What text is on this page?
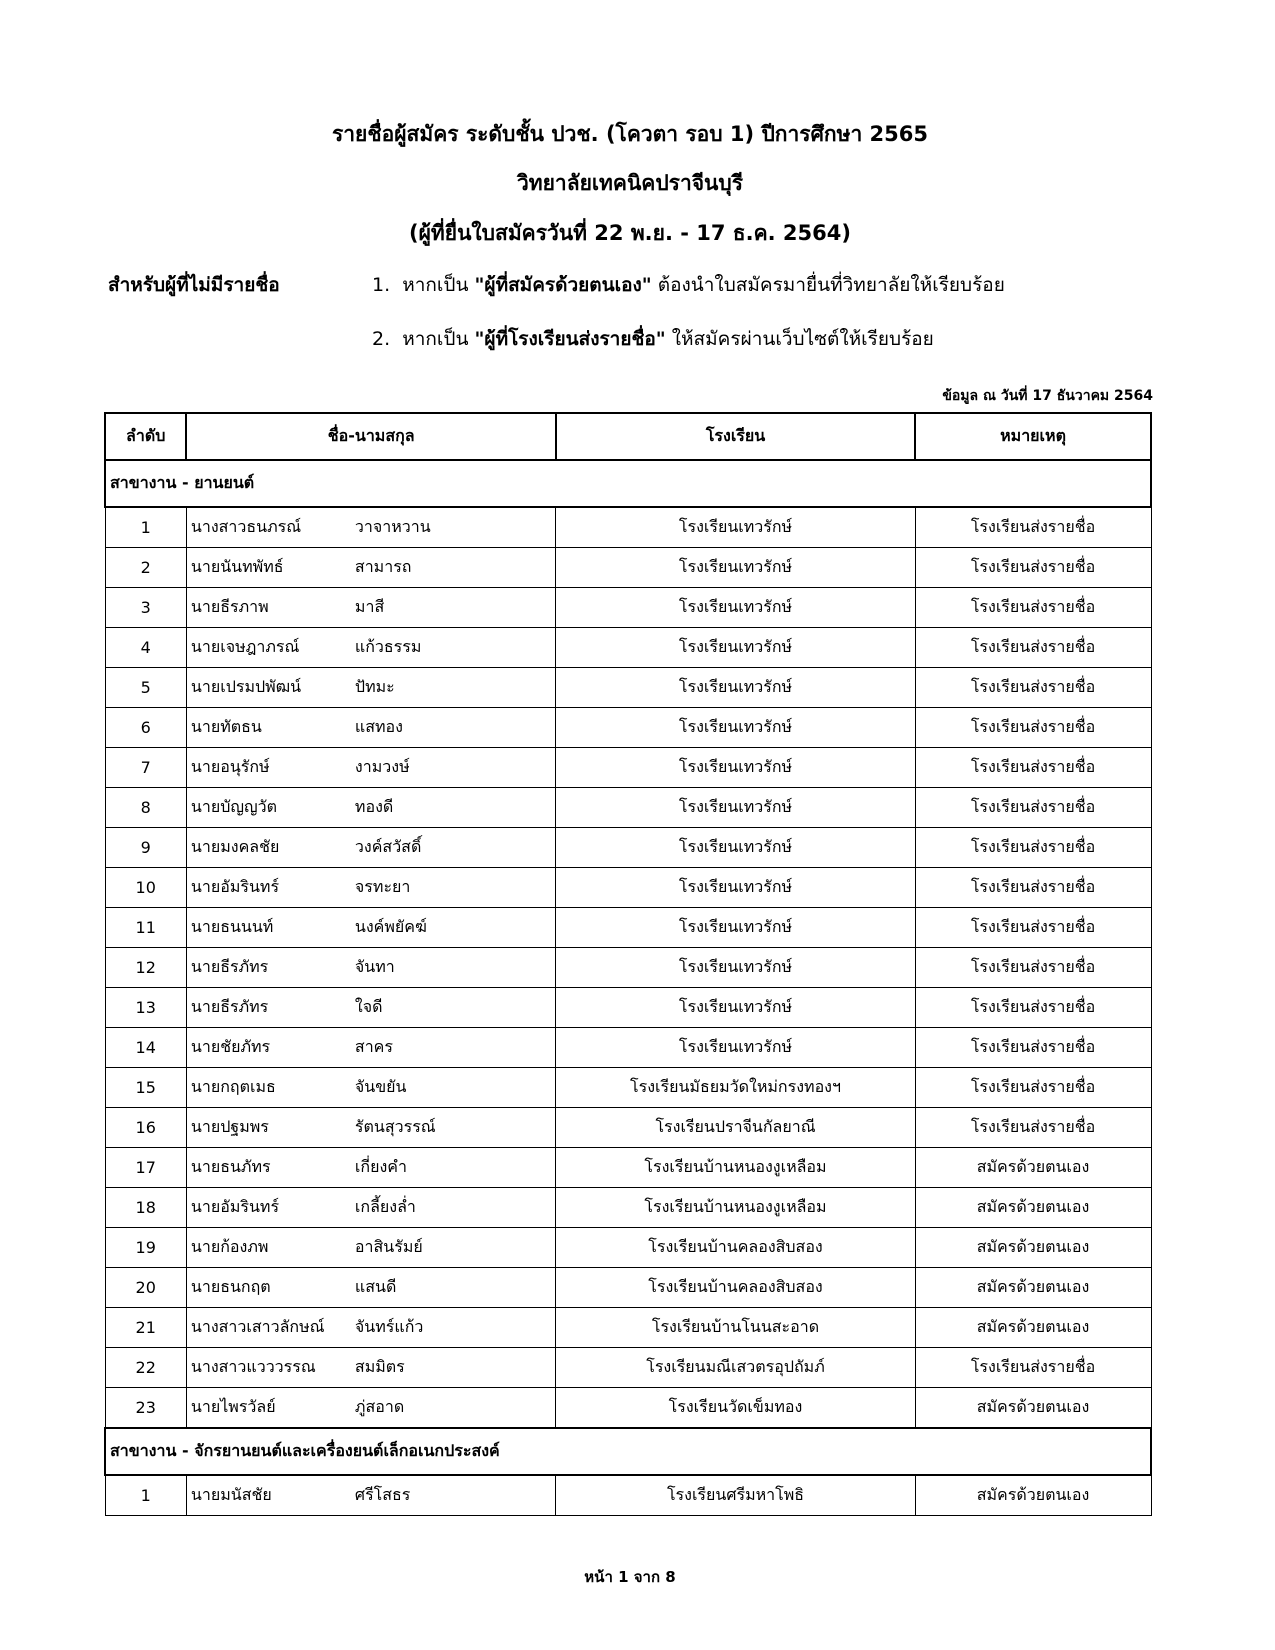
รายชื่อผู้สมัคร ระดับชั้น ปวช. (โควตา รอบ 1) ปีการศึกษา 2565
วิทยาลัยเทคนิคปราจีนบุรี
(ผู้ที่ยื่นใบสมัครวันที่ 22 พ.ย. - 17 ธ.ค. 2564)
สำหรับผู้ที่ไม่มีรายชื่อ	1. หากเป็น "ผู้ที่สมัครด้วยตนเอง" ต้องนำใบสมัครมายื่นที่วิทยาลัยให้เรียบร้อย
2. หากเป็น "ผู้ที่โรงเรียนส่งรายชื่อ" ให้สมัครผ่านเว็บไซต์ให้เรียบร้อย
ข้อมูล ณ วันที่ 17 ธันวาคม 2564
ลำดับ	ชื่อ-นามสกุล	โรงเรียน	หมายเหตุ
สาขางาน - ยานยนต์			
1	นางสาวธนภรณ์ วาจาหวาน	โรงเรียนเทวรักษ์	โรงเรียนส่งรายชื่อ
2	นายนันทพัทธ์ สามารถ	โรงเรียนเทวรักษ์	โรงเรียนส่งรายชื่อ
3	นายธีรภาพ มาสี	โรงเรียนเทวรักษ์	โรงเรียนส่งรายชื่อ
4	นายเจษฎาภรณ์ แก้วธรรม	โรงเรียนเทวรักษ์	โรงเรียนส่งรายชื่อ
5	นายเปรมปพัฒน์ ปัทมะ	โรงเรียนเทวรักษ์	โรงเรียนส่งรายชื่อ
6	นายทัตธน แสทอง	โรงเรียนเทวรักษ์	โรงเรียนส่งรายชื่อ
7	นายอนุรักษ์ งามวงษ์	โรงเรียนเทวรักษ์	โรงเรียนส่งรายชื่อ
8	นายบัญญวัต ทองดี	โรงเรียนเทวรักษ์	โรงเรียนส่งรายชื่อ
9	นายมงคลชัย วงค์สวัสดิ์	โรงเรียนเทวรักษ์	โรงเรียนส่งรายชื่อ
10	นายอัมรินทร์ จรทะยา	โรงเรียนเทวรักษ์	โรงเรียนส่งรายชื่อ
11	นายธนนนท์ นงค์พยัคฆ์	โรงเรียนเทวรักษ์	โรงเรียนส่งรายชื่อ
12	นายธีรภัทร จันทา	โรงเรียนเทวรักษ์	โรงเรียนส่งรายชื่อ
13	นายธีรภัทร ใจดี	โรงเรียนเทวรักษ์	โรงเรียนส่งรายชื่อ
14	นายชัยภัทร สาคร	โรงเรียนเทวรักษ์	โรงเรียนส่งรายชื่อ
15	นายกฤตเมธ จันขยัน	โรงเรียนมัธยมวัดใหม่กรงทองฯ	โรงเรียนส่งรายชื่อ
16	นายปฐมพร รัตนสุวรรณ์	โรงเรียนปราจีนกัลยาณี	โรงเรียนส่งรายชื่อ
17	นายธนภัทร เกี่ยงคำ	โรงเรียนบ้านหนองงูเหลือม	สมัครด้วยตนเอง
18	นายอัมรินทร์ เกลี้ยงล่ำ	โรงเรียนบ้านหนองงูเหลือม	สมัครด้วยตนเอง
19	นายก้องภพ อาสินรัมย์	โรงเรียนบ้านคลองสิบสอง	สมัครด้วยตนเอง
20	นายธนกฤต แสนดี	โรงเรียนบ้านคลองสิบสอง	สมัครด้วยตนเอง
21	นางสาวเสาวลักษณ์ จันทร์แก้ว	โรงเรียนบ้านโนนสะอาด	สมัครด้วยตนเอง
22	นางสาวแวววรรณ สมมิตร	โรงเรียนมณีเสวตรอุปถัมภ์	โรงเรียนส่งรายชื่อ
23	นายไพรวัลย์ ภู่สอาด	โรงเรียนวัดเข็มทอง	สมัครด้วยตนเอง
สาขางาน - จักรยานยนต์และเครื่องยนต์เล็กอเนกประสงค์			
1	นายมนัสชัย ศรีโสธร	โรงเรียนศรีมหาโพธิ	สมัครด้วยตนเอง
หน้า 1 จาก 8
